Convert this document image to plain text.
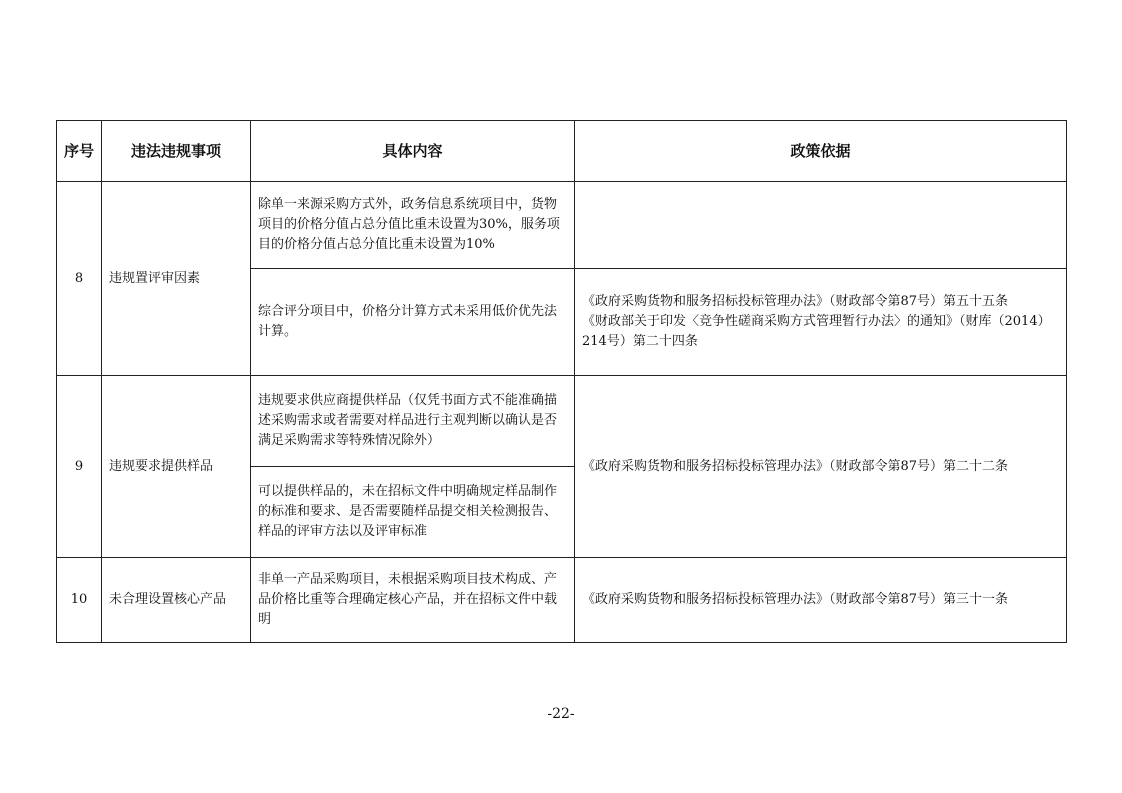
序号	违法违规事项	具体内容	政策依据
8	违规置评审因素	除单一来源采购方式外，政务信息系统项目中，货物项目的价格分值占总分值比重未设置为30%，服务项目的价格分值占总分值比重未设置为10%	
		综合评分项目中，价格分计算方式未采用低价优先法计算。	《政府采购货物和服务招标投标管理办法》（财政部令第87号）第五十五条
《财政部关于印发〈竞争性磋商采购方式管理暂行办法〉的通知》（财库（2014）214号）第二十四条

9	违规要求提供样品	违规要求供应商提供样品（仅凭书面方式不能准确描述采购需求或者需要对样品进行主观判断以确认是否满足采购需求等特殊情况除外）	《政府采购货物和服务招标投标管理办法》（财政部令第87号）第二十二条
		可以提供样品的，未在招标文件中明确规定样品制作的标准和要求、是否需要随样品提交相关检测报告、样品的评审方法以及评审标准	
10	未合理设置核心产品	非单一产品采购项目，未根据采购项目技术构成、产品价格比重等合理确定核心产品，并在招标文件中载明	《政府采购货物和服务招标投标管理办法》（财政部令第87号）第三十一条
-22-
